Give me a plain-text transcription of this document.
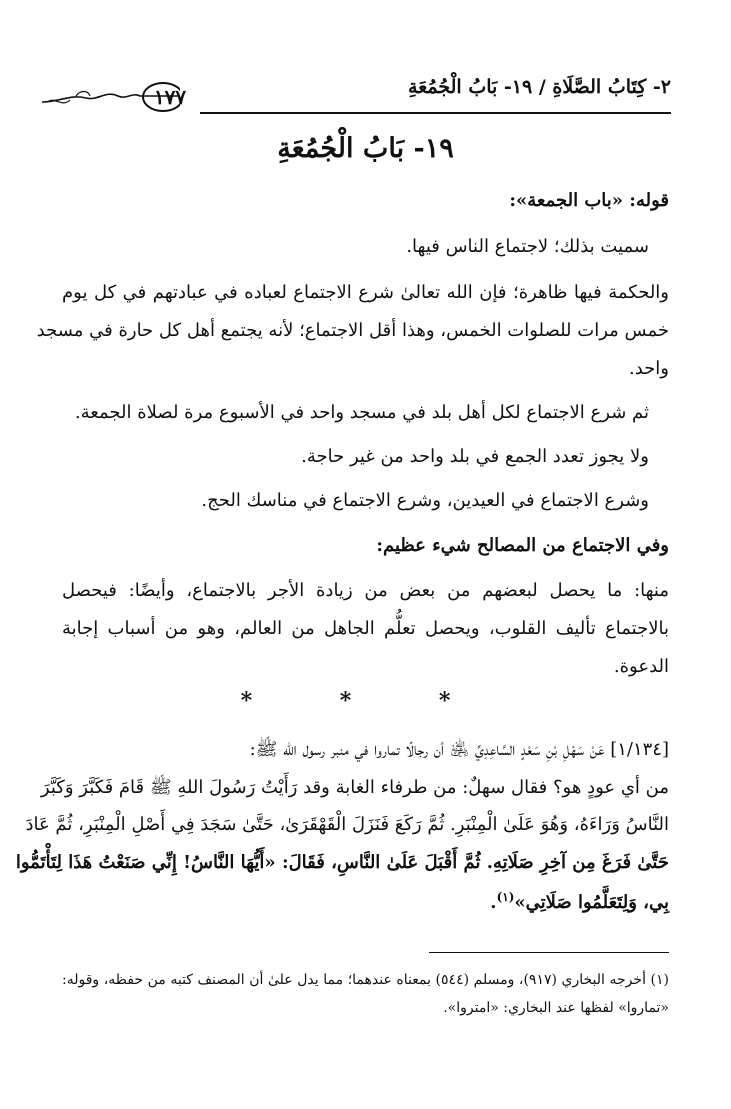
٢- كِتَابُ الصَّلَاةِ / ١٩- بَابُ الْجُمُعَةِ
١٧٧
١٩- بَابُ الْجُمُعَةِ
قوله: «باب الجمعة»:
سميت بذلك؛ لاجتماع الناس فيها.
والحكمة فيها ظاهرة؛ فإن الله تعالىٰ شرع الاجتماع لعباده في عبادتهم في كل يوم
خمس مرات للصلوات الخمس، وهذا أقل الاجتماع؛ لأنه يجتمع أهل كل حارة في مسجد
واحد.
ثم شرع الاجتماع لكل أهل بلد في مسجد واحد في الأسبوع مرة لصلاة الجمعة.
ولا يجوز تعدد الجمع في بلد واحد من غير حاجة.
وشرع الاجتماع في العيدين، وشرع الاجتماع في مناسك الحج.
وفي الاجتماع من المصالح شيء عظيم:
منها: ما يحصل لبعضهم من بعض من زيادة الأجر بالاجتماع، وأيضًا: فيحصل
بالاجتماع تأليف القلوب، ويحصل تعلُّم الجاهل من العالم، وهو من أسباب إجابة
الدعوة.
* * *
[١/١٣٤] عَنْ سَهْلِ بْنِ سَعْدٍ السَّاعِدِيِّ ﵁ أن رجالًا تماروا في منبر رسول الله ﷺ:
من أي عودٍ هو؟ فقال سهلٌ: من طرفاء الغابة وقد رَأَيْتُ رَسُولَ اللهِ ﷺ قَامَ فَكَبَّرَ وَكَبَّرَ
النَّاسُ وَرَاءَهُ، وَهُوَ عَلَىٰ الْمِنْبَرِ. ثُمَّ رَكَعَ فَنَزَلَ الْقَهْقَرَىٰ، حَتَّىٰ سَجَدَ فِي أَصْلِ الْمِنْبَرِ، ثُمَّ عَادَ
حَتَّىٰ فَرَغَ مِن آخِرِ صَلَاتِهِ. ثُمَّ أَقْبَلَ عَلَىٰ النَّاسِ، فَقَالَ: «أَيُّهَا النَّاسُ! إِنِّي صَنَعْتُ هَذَا لِتَأْتَمُّوا
بِي، وَلِتَعَلَّمُوا صَلَاتِي»$^{(١)}$.
(١) أخرجه البخاري (٩١٧)، ومسلم (٥٤٤) بمعناه عندهما؛ مما يدل علىٰ أن المصنف كتبه من حفظه، وقوله:
«تماروا» لفظها عند البخاري: «امتروا».
